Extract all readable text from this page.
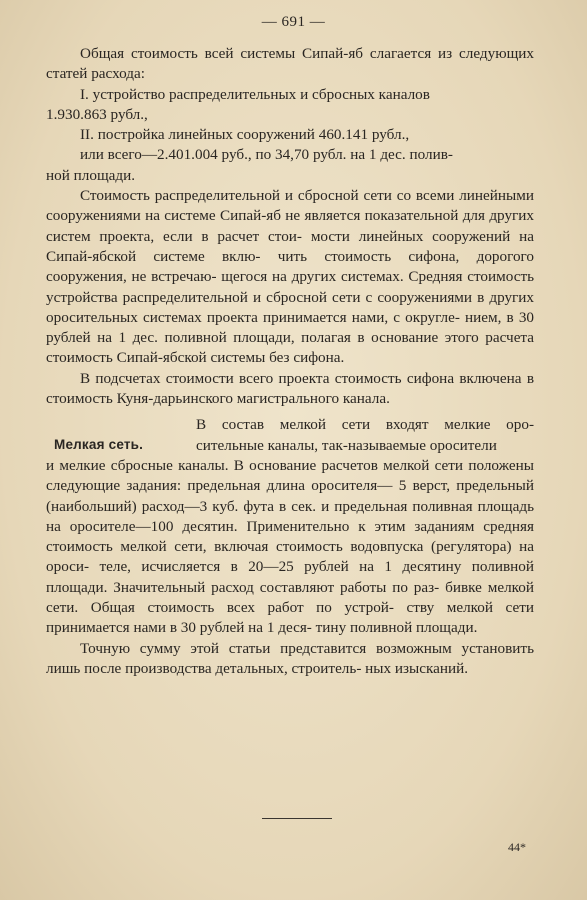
— 691 —

Общая стоимость всей системы Сипай-яб слагается из следующих статей расхода:

I. устройство распределительных и сбросных каналов

1.930.863 рубл.,

II. постройка линейных сооружений 460.141 рубл.,

или всего—2.401.004 руб., по 34,70 рубл. на 1 дес. полив-

ной площади.

Стоимость распределительной и сбросной сети со всеми линейными сооружениями на системе Сипай-яб не является показательной для других систем проекта, если в расчет стои- мости линейных сооружений на Сипай-ябской системе вклю- чить стоимость сифона, дорогого сооружения, не встречаю- щегося на других системах. Средняя стоимость устройства распределительной и сбросной сети с сооружениями в других оросительных системах проекта принимается нами, с округле- нием, в 30 рублей на 1 дес. поливной площади, полагая в основание этого расчета стоимость Сипай-ябской системы без сифона.

В подсчетах стоимости всего проекта стоимость сифона включена в стоимость Куня-дарьинского магистрального канала.

Мелкая сеть.

В состав мелкой сети входят мелкие оро- сительные каналы, так-называемые оросители

и мелкие сбросные каналы. В основание расчетов мелкой сети положены следующие задания: предельная длина оросителя— 5 верст, предельный (наибольший) расход—3 куб. фута в сек. и предельная поливная площадь на оросителе—100 десятин. Применительно к этим заданиям средняя стоимость мелкой сети, включая стоимость водовпуска (регулятора) на ороси- теле, исчисляется в 20—25 рублей на 1 десятину поливной площади. Значительный расход составляют работы по раз- бивке мелкой сети. Общая стоимость всех работ по устрой- ству мелкой сети принимается нами в 30 рублей на 1 деся- тину поливной площади.

Точную сумму этой статьи представится возможным установить лишь после производства детальных, строитель- ных изысканий.

44*
